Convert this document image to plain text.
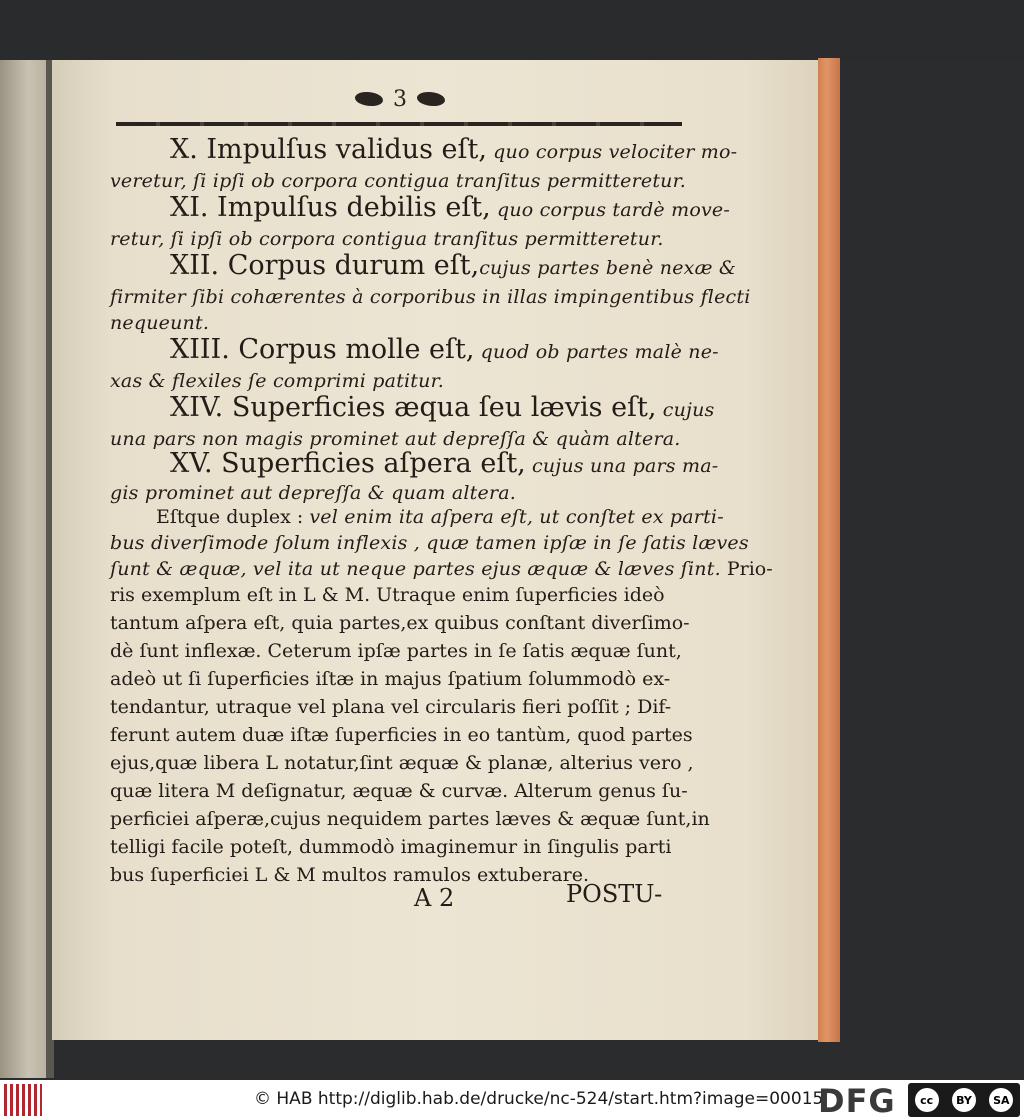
3
X. Impulſus validus eſt, quo corpus velociter mo-
veretur, ſi ipſi ob corpora contigua tranſitus permitteretur.
XI. Impulſus debilis eſt, quo corpus tardè move-
retur, ſi ipſi ob corpora contigua tranſitus permitteretur.
XII. Corpus durum eſt,cujus partes benè nexæ &
firmiter ſibi cohærentes à corporibus in illas impingentibus flecti
nequeunt.
XIII. Corpus molle eſt, quod ob partes malè ne-
xas & flexiles ſe comprimi patitur.
XIV. Superficies æqua ſeu lævis eſt, cujus
una pars non magis prominet aut depreſſa & quàm altera.
XV. Superficies aſpera eſt, cujus una pars ma-
gis prominet aut depreſſa & quam altera.
Eſtque duplex : vel enim ita aſpera eſt, ut conſtet ex parti-
bus diverſimode ſolum inflexis , quæ tamen ipſæ in ſe ſatis læves
ſunt & æquæ, vel ita ut neque partes ejus æquæ & læves ſint. Prio-
ris exemplum eſt in L & M. Utraque enim ſuperficies ideò
tantum aſpera eſt, quia partes,ex quibus conſtant diverſimo-
dè ſunt inflexæ. Ceterum ipſæ partes in ſe ſatis æquæ ſunt,
adeò ut ſi ſuperficies iſtæ in majus ſpatium ſolummodò ex-
tendantur, utraque vel plana vel circularis fieri poſſit ; Dif-
ferunt autem duæ iſtæ ſuperficies in eo tantùm, quod partes
ejus,quæ libera L notatur,ſint æquæ & planæ, alterius vero ,
quæ litera M deſignatur, æquæ & curvæ. Alterum genus ſu-
perficiei aſperæ,cujus nequidem partes læves & æquæ ſunt,in
telligi facile poteſt, dummodò imaginemur in ſingulis parti
bus ſuperficiei L & M multos ramulos extuberare.
A 2	POSTU-
© HAB http://diglib.hab.de/drucke/nc-524/start.htm?image=00015
DFG	cc	BY	SA
